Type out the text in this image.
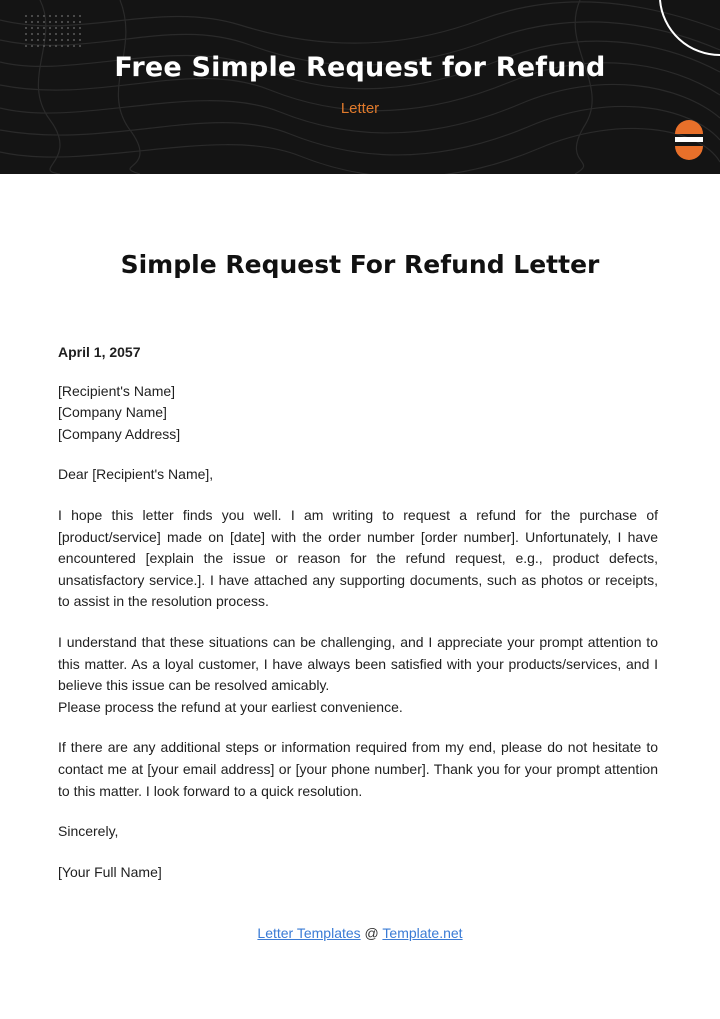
Free Simple Request for Refund
Letter
Simple Request For Refund Letter

April 1, 2057

[Recipient's Name]

[Company Name]

[Company Address]

Dear [Recipient's Name],

I hope this letter finds you well. I am writing to request a refund for the purchase of [product/service] made on [date] with the order number [order number]. Unfortunately, I have encountered [explain the issue or reason for the refund request, e.g., product defects, unsatisfactory service.]. I have attached any supporting documents, such as photos or receipts, to assist in the resolution process.

I understand that these situations can be challenging, and I appreciate your prompt attention to this matter. As a loyal customer, I have always been satisfied with your products/services, and I believe this issue can be resolved amicably.

Please process the refund at your earliest convenience.

If there are any additional steps or information required from my end, please do not hesitate to contact me at [your email address] or [your phone number]. Thank you for your prompt attention to this matter. I look forward to a quick resolution.

Sincerely,

[Your Full Name]

Letter Templates @ Template.net
